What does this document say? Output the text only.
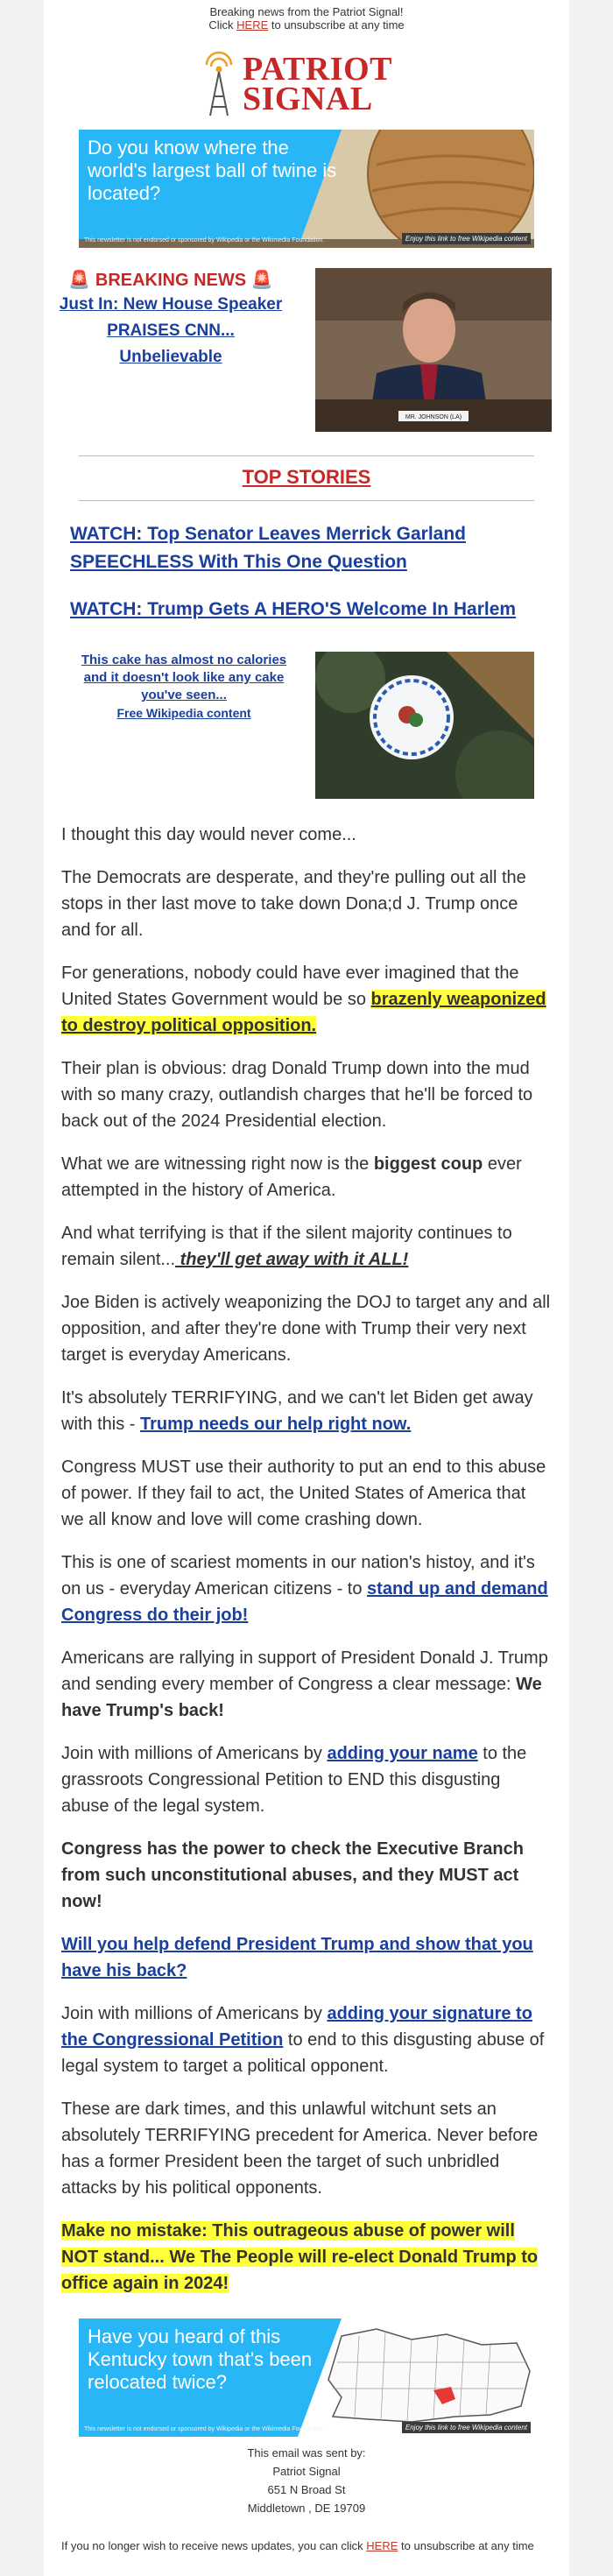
Breaking news from the Patriot Signal!
Click HERE to unsubscribe at any time
PATRIOT
SIGNAL
Do you know where the world's largest ball of twine is located?
This newsletter is not endorsed or sponsored by Wikipedia or the Wikimedia Foundation.	Enjoy this link to free Wikipedia content
🚨 BREAKING NEWS 🚨
Just In: New House Speaker
PRAISES CNN...
Unbelievable
MR. JOHNSON (LA)
TOP STORIES
WATCH: Top Senator Leaves Merrick Garland SPEECHLESS With This One Question
WATCH: Trump Gets A HERO'S Welcome In Harlem
This cake has almost no calories and it doesn't look like any cake you've seen...
Free Wikipedia content

I thought this day would never come...

The Democrats are desperate, and they're pulling out all the stops in ther last move to take down Dona;d J. Trump once and for all.

For generations, nobody could have ever imagined that the United States Government would be so brazenly weaponized to destroy political opposition.

Their plan is obvious: drag Donald Trump down into the mud with so many crazy, outlandish charges that he'll be forced to back out of the 2024 Presidential election.

What we are witnessing right now is the biggest coup ever attempted in the history of America.

And what terrifying is that if the silent majority continues to remain silent... they'll get away with it ALL!

Joe Biden is actively weaponizing the DOJ to target any and all opposition, and after they're done with Trump their very next target is everyday Americans.

It's absolutely TERRIFYING, and we can't let Biden get away with this - Trump needs our help right now.

Congress MUST use their authority to put an end to this abuse of power. If they fail to act, the United States of America that we all know and love will come crashing down.

This is one of scariest moments in our nation's histoy, and it's on us - everyday American citizens - to stand up and demand Congress do their job!

Americans are rallying in support of President Donald J. Trump and sending every member of Congress a clear message: We have Trump's back!

Join with millions of Americans by adding your name to the grassroots Congressional Petition to END this disgusting abuse of the legal system.

Congress has the power to check the Executive Branch from such unconstitutional abuses, and they MUST act now!

Will you help defend President Trump and show that you have his back?

Join with millions of Americans by adding your signature to the Congressional Petition to end to this disgusting abuse of legal system to target a political opponent.

These are dark times, and this unlawful witchunt sets an absolutely TERRIFYING precedent for America. Never before has a former President been the target of such unbridled attacks by his political opponents.

Make no mistake: This outrageous abuse of power will NOT stand... We The People will re-elect Donald Trump to office again in 2024!

Have you heard of this Kentucky town that's been relocated twice?
This newsletter is not endorsed or sponsored by Wikipedia or the Wikimedia Foundation.	Enjoy this link to free Wikipedia content
This email was sent by:
Patriot Signal
651 N Broad St
Middletown , DE 19709
If you no longer wish to receive news updates, you can click HERE to unsubscribe at any time
